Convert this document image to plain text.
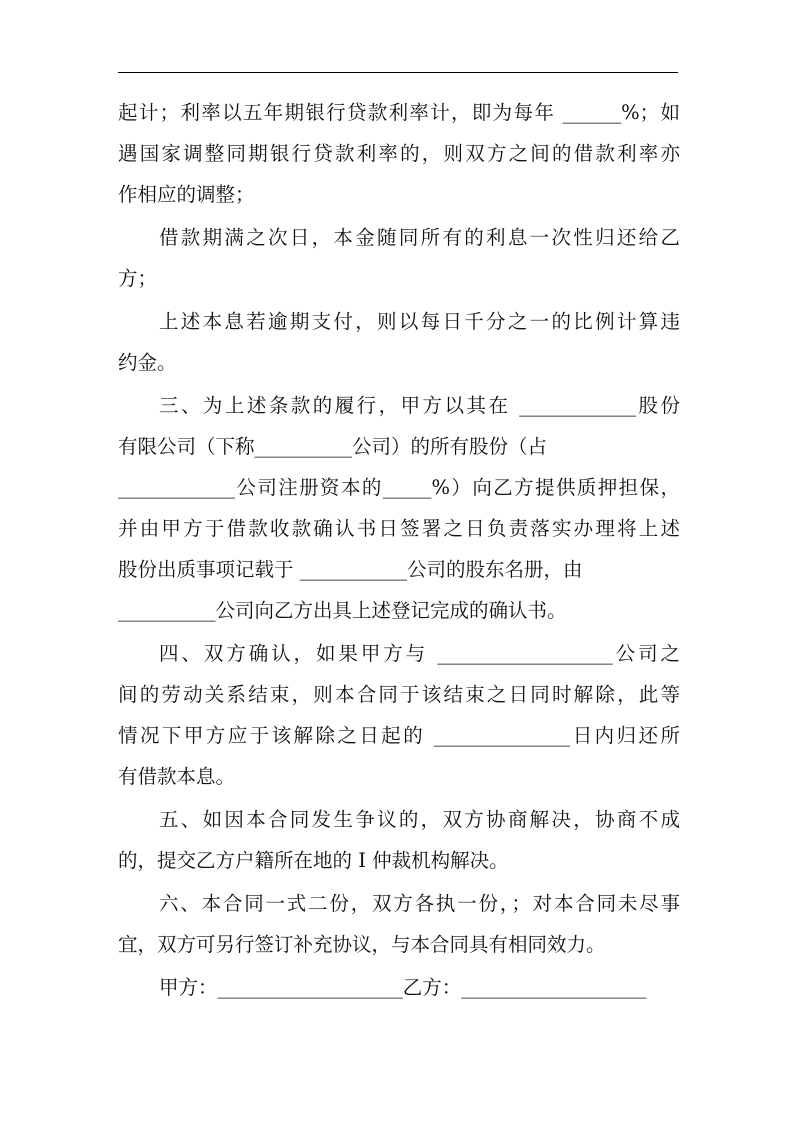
起计；利率以五年期银行贷款利率计，即为每年 ______%；如
遇国家调整同期银行贷款利率的，则双方之间的借款利率亦
作相应的调整；
借款期满之次日，本金随同所有的利息一次性归还给乙
方；
上述本息若逾期支付，则以每日千分之一的比例计算违
约金。
三、为上述条款的履行，甲方以其在 ____________股份
有限公司（下称__________公司）的所有股份（占
____________公司注册资本的_____%）向乙方提供质押担保，
并由甲方于借款收款确认书日签署之日负责落实办理将上述
股份出质事项记载于 ___________公司的股东名册，由
__________公司向乙方出具上述登记完成的确认书。
四、双方确认，如果甲方与 __________________公司之
间的劳动关系结束，则本合同于该结束之日同时解除，此等
情况下甲方应于该解除之日起的 ______________日内归还所
有借款本息。
五、如因本合同发生争议的，双方协商解决，协商不成
的，提交乙方户籍所在地的 I 仲裁机构解决。
六、本合同一式二份，双方各执一份，；对本合同未尽事
宜，双方可另行签订补充协议，与本合同具有相同效力。
甲方：___________________乙方：___________________
